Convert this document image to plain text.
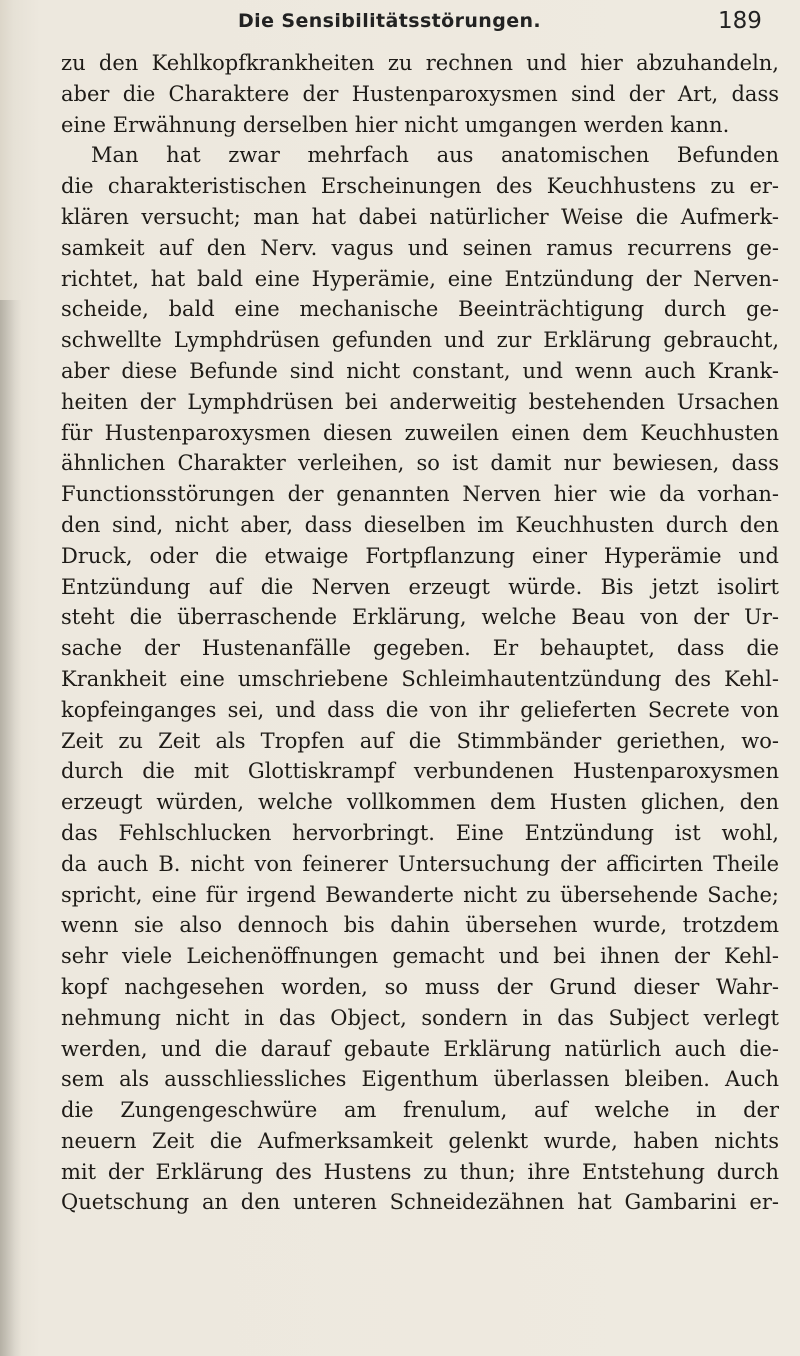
Die Sensibilitätsstörungen.	189
zu den Kehlkopfkrankheiten zu rechnen und hier abzuhandeln,
aber die Charaktere der Hustenparoxysmen sind der Art, dass
eine Erwähnung derselben hier nicht umgangen werden kann.
Man hat zwar mehrfach aus anatomischen Befunden
die charakteristischen Erscheinungen des Keuchhustens zu er-
klären versucht; man hat dabei natürlicher Weise die Aufmerk-
samkeit auf den Nerv. vagus und seinen ramus recurrens ge-
richtet, hat bald eine Hyperämie, eine Entzündung der Nerven-
scheide, bald eine mechanische Beeinträchtigung durch ge-
schwellte Lymphdrüsen gefunden und zur Erklärung gebraucht,
aber diese Befunde sind nicht constant, und wenn auch Krank-
heiten der Lymphdrüsen bei anderweitig bestehenden Ursachen
für Hustenparoxysmen diesen zuweilen einen dem Keuchhusten
ähnlichen Charakter verleihen, so ist damit nur bewiesen, dass
Functionsstörungen der genannten Nerven hier wie da vorhan-
den sind, nicht aber, dass dieselben im Keuchhusten durch den
Druck, oder die etwaige Fortpflanzung einer Hyperämie und
Entzündung auf die Nerven erzeugt würde. Bis jetzt isolirt
steht die überraschende Erklärung, welche Beau von der Ur-
sache der Hustenanfälle gegeben. Er behauptet, dass die
Krankheit eine umschriebene Schleimhautentzündung des Kehl-
kopfeinganges sei, und dass die von ihr gelieferten Secrete von
Zeit zu Zeit als Tropfen auf die Stimmbänder geriethen, wo-
durch die mit Glottiskrampf verbundenen Hustenparoxysmen
erzeugt würden, welche vollkommen dem Husten glichen, den
das Fehlschlucken hervorbringt. Eine Entzündung ist wohl,
da auch B. nicht von feinerer Untersuchung der afficirten Theile
spricht, eine für irgend Bewanderte nicht zu übersehende Sache;
wenn sie also dennoch bis dahin übersehen wurde, trotzdem
sehr viele Leichenöffnungen gemacht und bei ihnen der Kehl-
kopf nachgesehen worden, so muss der Grund dieser Wahr-
nehmung nicht in das Object, sondern in das Subject verlegt
werden, und die darauf gebaute Erklärung natürlich auch die-
sem als ausschliessliches Eigenthum überlassen bleiben. Auch
die Zungengeschwüre am frenulum, auf welche in der
neuern Zeit die Aufmerksamkeit gelenkt wurde, haben nichts
mit der Erklärung des Hustens zu thun; ihre Entstehung durch
Quetschung an den unteren Schneidezähnen hat Gambarini er-
